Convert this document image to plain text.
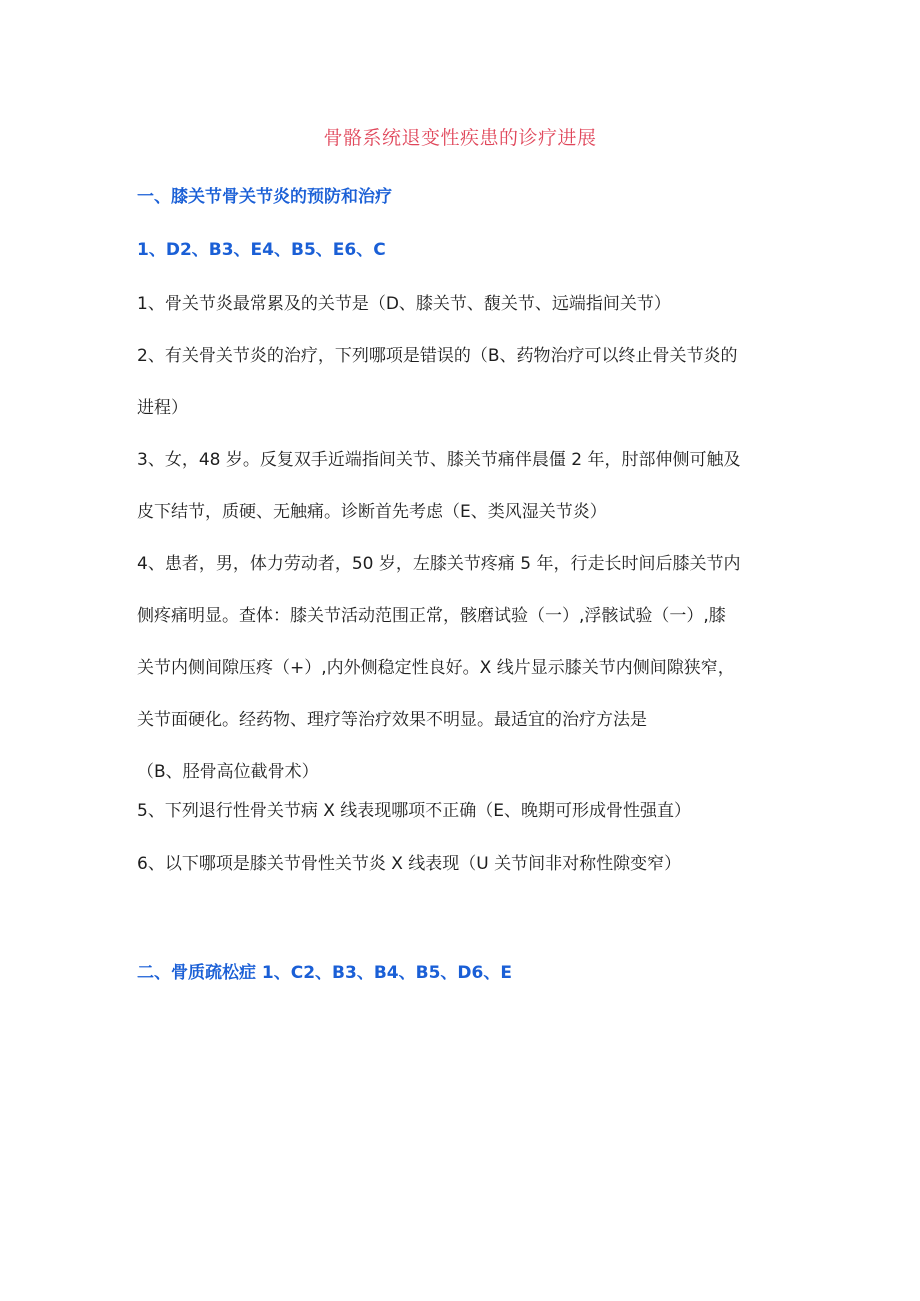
骨骼系统退变性疾患的诊疗进展
一、膝关节骨关节炎的预防和治疗
1、D2、B3、E4、B5、E6、C
1、骨关节炎最常累及的关节是（D、膝关节、馥关节、远端指间关节）
2、有关骨关节炎的治疗，下列哪项是错误的（B、药物治疗可以终止骨关节炎的
进程）
3、女，48 岁。反复双手近端指间关节、膝关节痛伴晨僵 2 年，肘部伸侧可触及
皮下结节，质硬、无触痛。诊断首先考虑（E、类风湿关节炎）
4、患者，男，体力劳动者，50 岁，左膝关节疼痛 5 年，行走长时间后膝关节内
侧疼痛明显。查体：膝关节活动范围正常，骸磨试验（一）,浮骸试验（一）,膝
关节内侧间隙压疼（+）,内外侧稳定性良好。X 线片显示膝关节内侧间隙狭窄，
关节面硬化。经药物、理疗等治疗效果不明显。最适宜的治疗方法是
（B、胫骨高位截骨术）
5、下列退行性骨关节病 X 线表现哪项不正确（E、晚期可形成骨性强直）
6、以下哪项是膝关节骨性关节炎 X 线表现（U 关节间非对称性隙变窄）
二、骨质疏松症 1、C2、B3、B4、B5、D6、E
